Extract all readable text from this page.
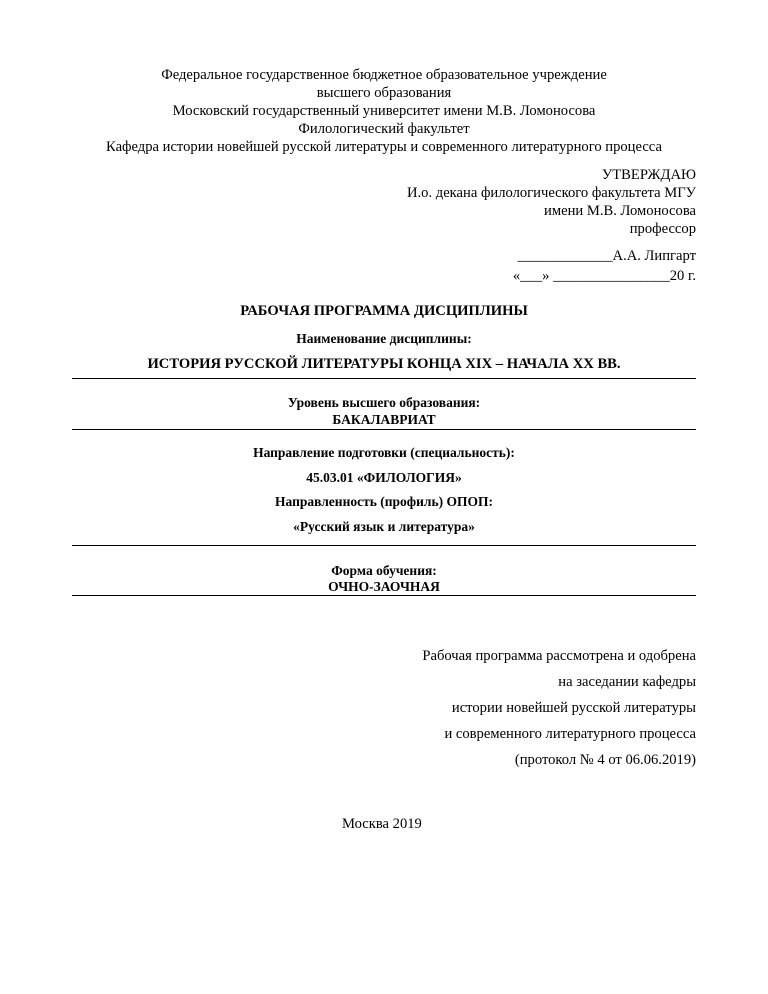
Федеральное государственное бюджетное образовательное учреждение
высшего образования
Московский государственный университет имени М.В. Ломоносова
Филологический факультет
Кафедра истории новейшей русской литературы и современного литературного процесса
УТВЕРЖДАЮ
И.о. декана филологического факультета МГУ
имени М.В. Ломоносова
профессор
_____________А.А. Липгарт
«___» ________________20 г.
РАБОЧАЯ ПРОГРАММА ДИСЦИПЛИНЫ
Наименование дисциплины:
ИСТОРИЯ РУССКОЙ ЛИТЕРАТУРЫ КОНЦА XIX – НАЧАЛА XX ВВ.
Уровень высшего образования:
БАКАЛАВРИАТ
Направление подготовки (специальность):
45.03.01 «ФИЛОЛОГИЯ»
Направленность (профиль) ОПОП:
«Русский язык и литература»
Форма обучения:
ОЧНО-ЗАОЧНАЯ
Рабочая программа рассмотрена и одобрена
на заседании кафедры
истории новейшей русской литературы
и современного литературного процесса
(протокол № 4 от 06.06.2019)
Москва 2019
